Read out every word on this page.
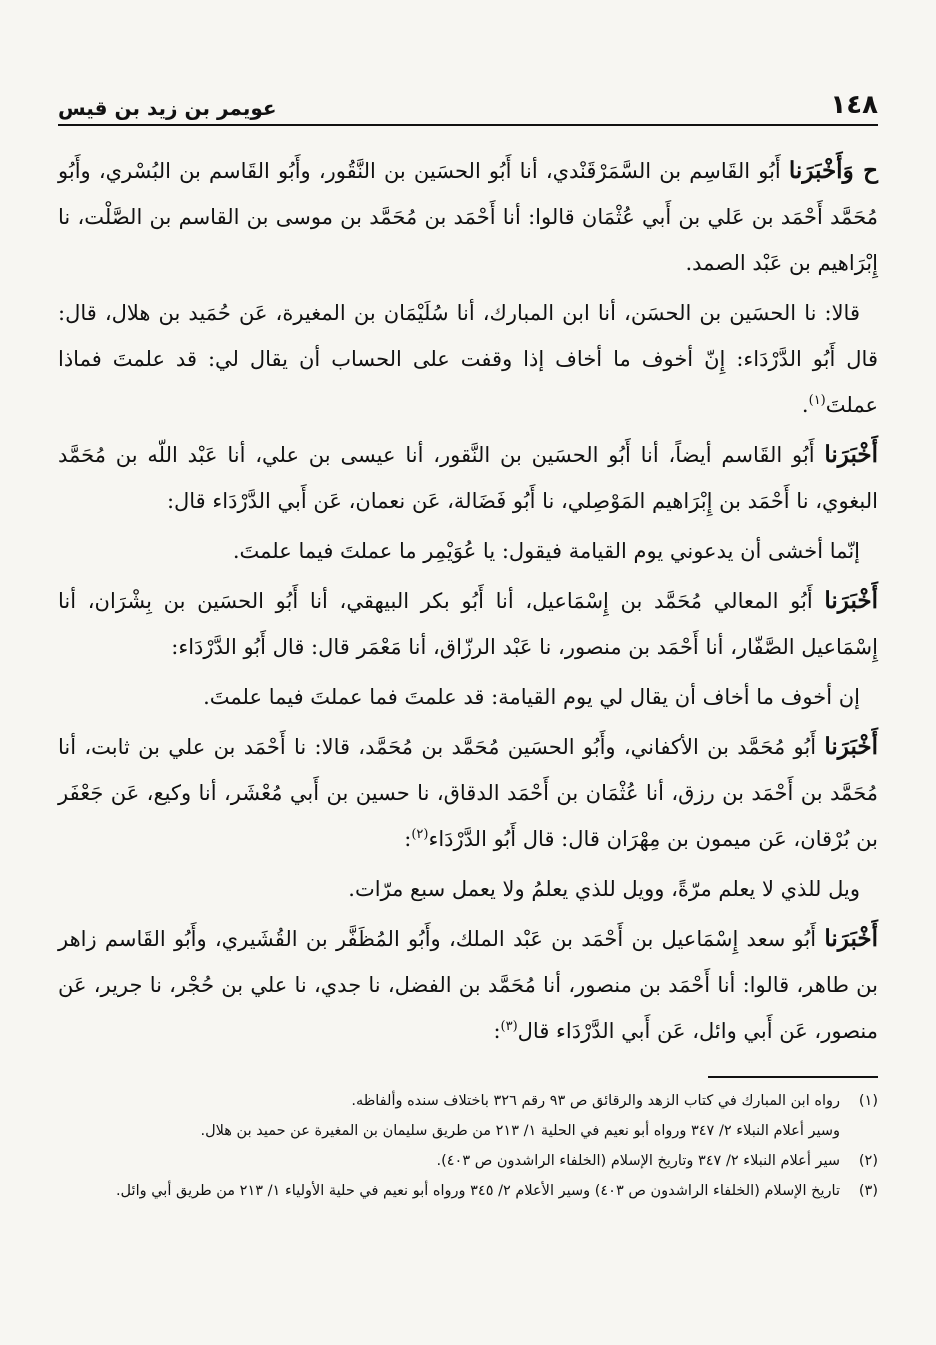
١٤٨
عويمر بن زيد بن قيس

ح وَأَخْبَرَنا أَبُو القَاسِم بن السَّمَرْقَنْدي، أنا أَبُو الحسَين بن النَّقُور، وأَبُو القَاسم بن البُسْري، وأَبُو مُحَمَّد أَحْمَد بن عَلي بن أَبي عُثْمَان قالوا: أنا أَحْمَد بن مُحَمَّد بن موسى بن القاسم بن الصَّلْت، نا إِبْرَاهيم بن عَبْد الصمد.

قالا: نا الحسَين بن الحسَن، أنا ابن المبارك، أنا سُلَيْمَان بن المغيرة، عَن حُمَيد بن هلال، قال: قال أَبُو الدَّرْدَاء: إِنّ أخوف ما أخاف إذا وقفت على الحساب أن يقال لي: قد علمتَ فماذا عملتَ$^{(١)}$.

أَخْبَرَنا أَبُو القَاسم أيضاً، أنا أَبُو الحسَين بن النَّقور، أنا عيسى بن علي، أنا عَبْد اللّه بن مُحَمَّد البغوي، نا أَحْمَد بن إِبْرَاهيم المَوْصِلي، نا أَبُو فَضَالة، عَن نعمان، عَن أَبي الدَّرْدَاء قال:

إنّما أخشى أن يدعوني يوم القيامة فيقول: يا عُوَيْمِر ما عملتَ فيما علمتَ.

أَخْبَرَنا أَبُو المعالي مُحَمَّد بن إِسْمَاعيل، أنا أَبُو بكر البيهقي، أنا أَبُو الحسَين بن بِشْرَان، أنا إِسْمَاعيل الصَّفّار، أنا أَحْمَد بن منصور، نا عَبْد الرزّاق، أنا مَعْمَر قال: قال أَبُو الدَّرْدَاء:

إن أخوف ما أخاف أن يقال لي يوم القيامة: قد علمتَ فما عملتَ فيما علمتَ.

أَخْبَرَنا أَبُو مُحَمَّد بن الأكفاني، وأَبُو الحسَين مُحَمَّد بن مُحَمَّد، قالا: نا أَحْمَد بن علي بن ثابت، أنا مُحَمَّد بن أَحْمَد بن رزق، أنا عُثْمَان بن أَحْمَد الدقاق، نا حسين بن أَبي مُعْشَر، أنا وكيع، عَن جَعْفَر بن بُرْقان، عَن ميمون بن مِهْرَان قال: قال أَبُو الدَّرْدَاء$^{(٢)}$:

ويل للذي لا يعلم مرّةً، وويل للذي يعلمُ ولا يعمل سبع مرّات.

أَخْبَرَنا أَبُو سعد إِسْمَاعيل بن أَحْمَد بن عَبْد الملك، وأَبُو المُظَفَّر بن القُشَيري، وأَبُو القَاسم زاهر بن طاهر، قالوا: أنا أَحْمَد بن منصور، أنا مُحَمَّد بن الفضل، نا جدي، نا علي بن حُجْر، نا جرير، عَن منصور، عَن أَبي وائل، عَن أَبي الدَّرْدَاء قال$^{(٣)}$:

(١)
رواه ابن المبارك في كتاب الزهد والرقائق ص ٩٣ رقم ٣٢٦ باختلاف سنده وألفاظه.
وسير أعلام النبلاء ٢/ ٣٤٧ ورواه أبو نعيم في الحلية ١/ ٢١٣ من طريق سليمان بن المغيرة عن حميد بن هلال.
(٢)
سير أعلام النبلاء ٢/ ٣٤٧ وتاريخ الإسلام (الخلفاء الراشدون ص ٤٠٣).
(٣)
تاريخ الإسلام (الخلفاء الراشدون ص ٤٠٣) وسير الأعلام ٢/ ٣٤٥ ورواه أبو نعيم في حلية الأولياء ١/ ٢١٣ من طريق أبي وائل.
